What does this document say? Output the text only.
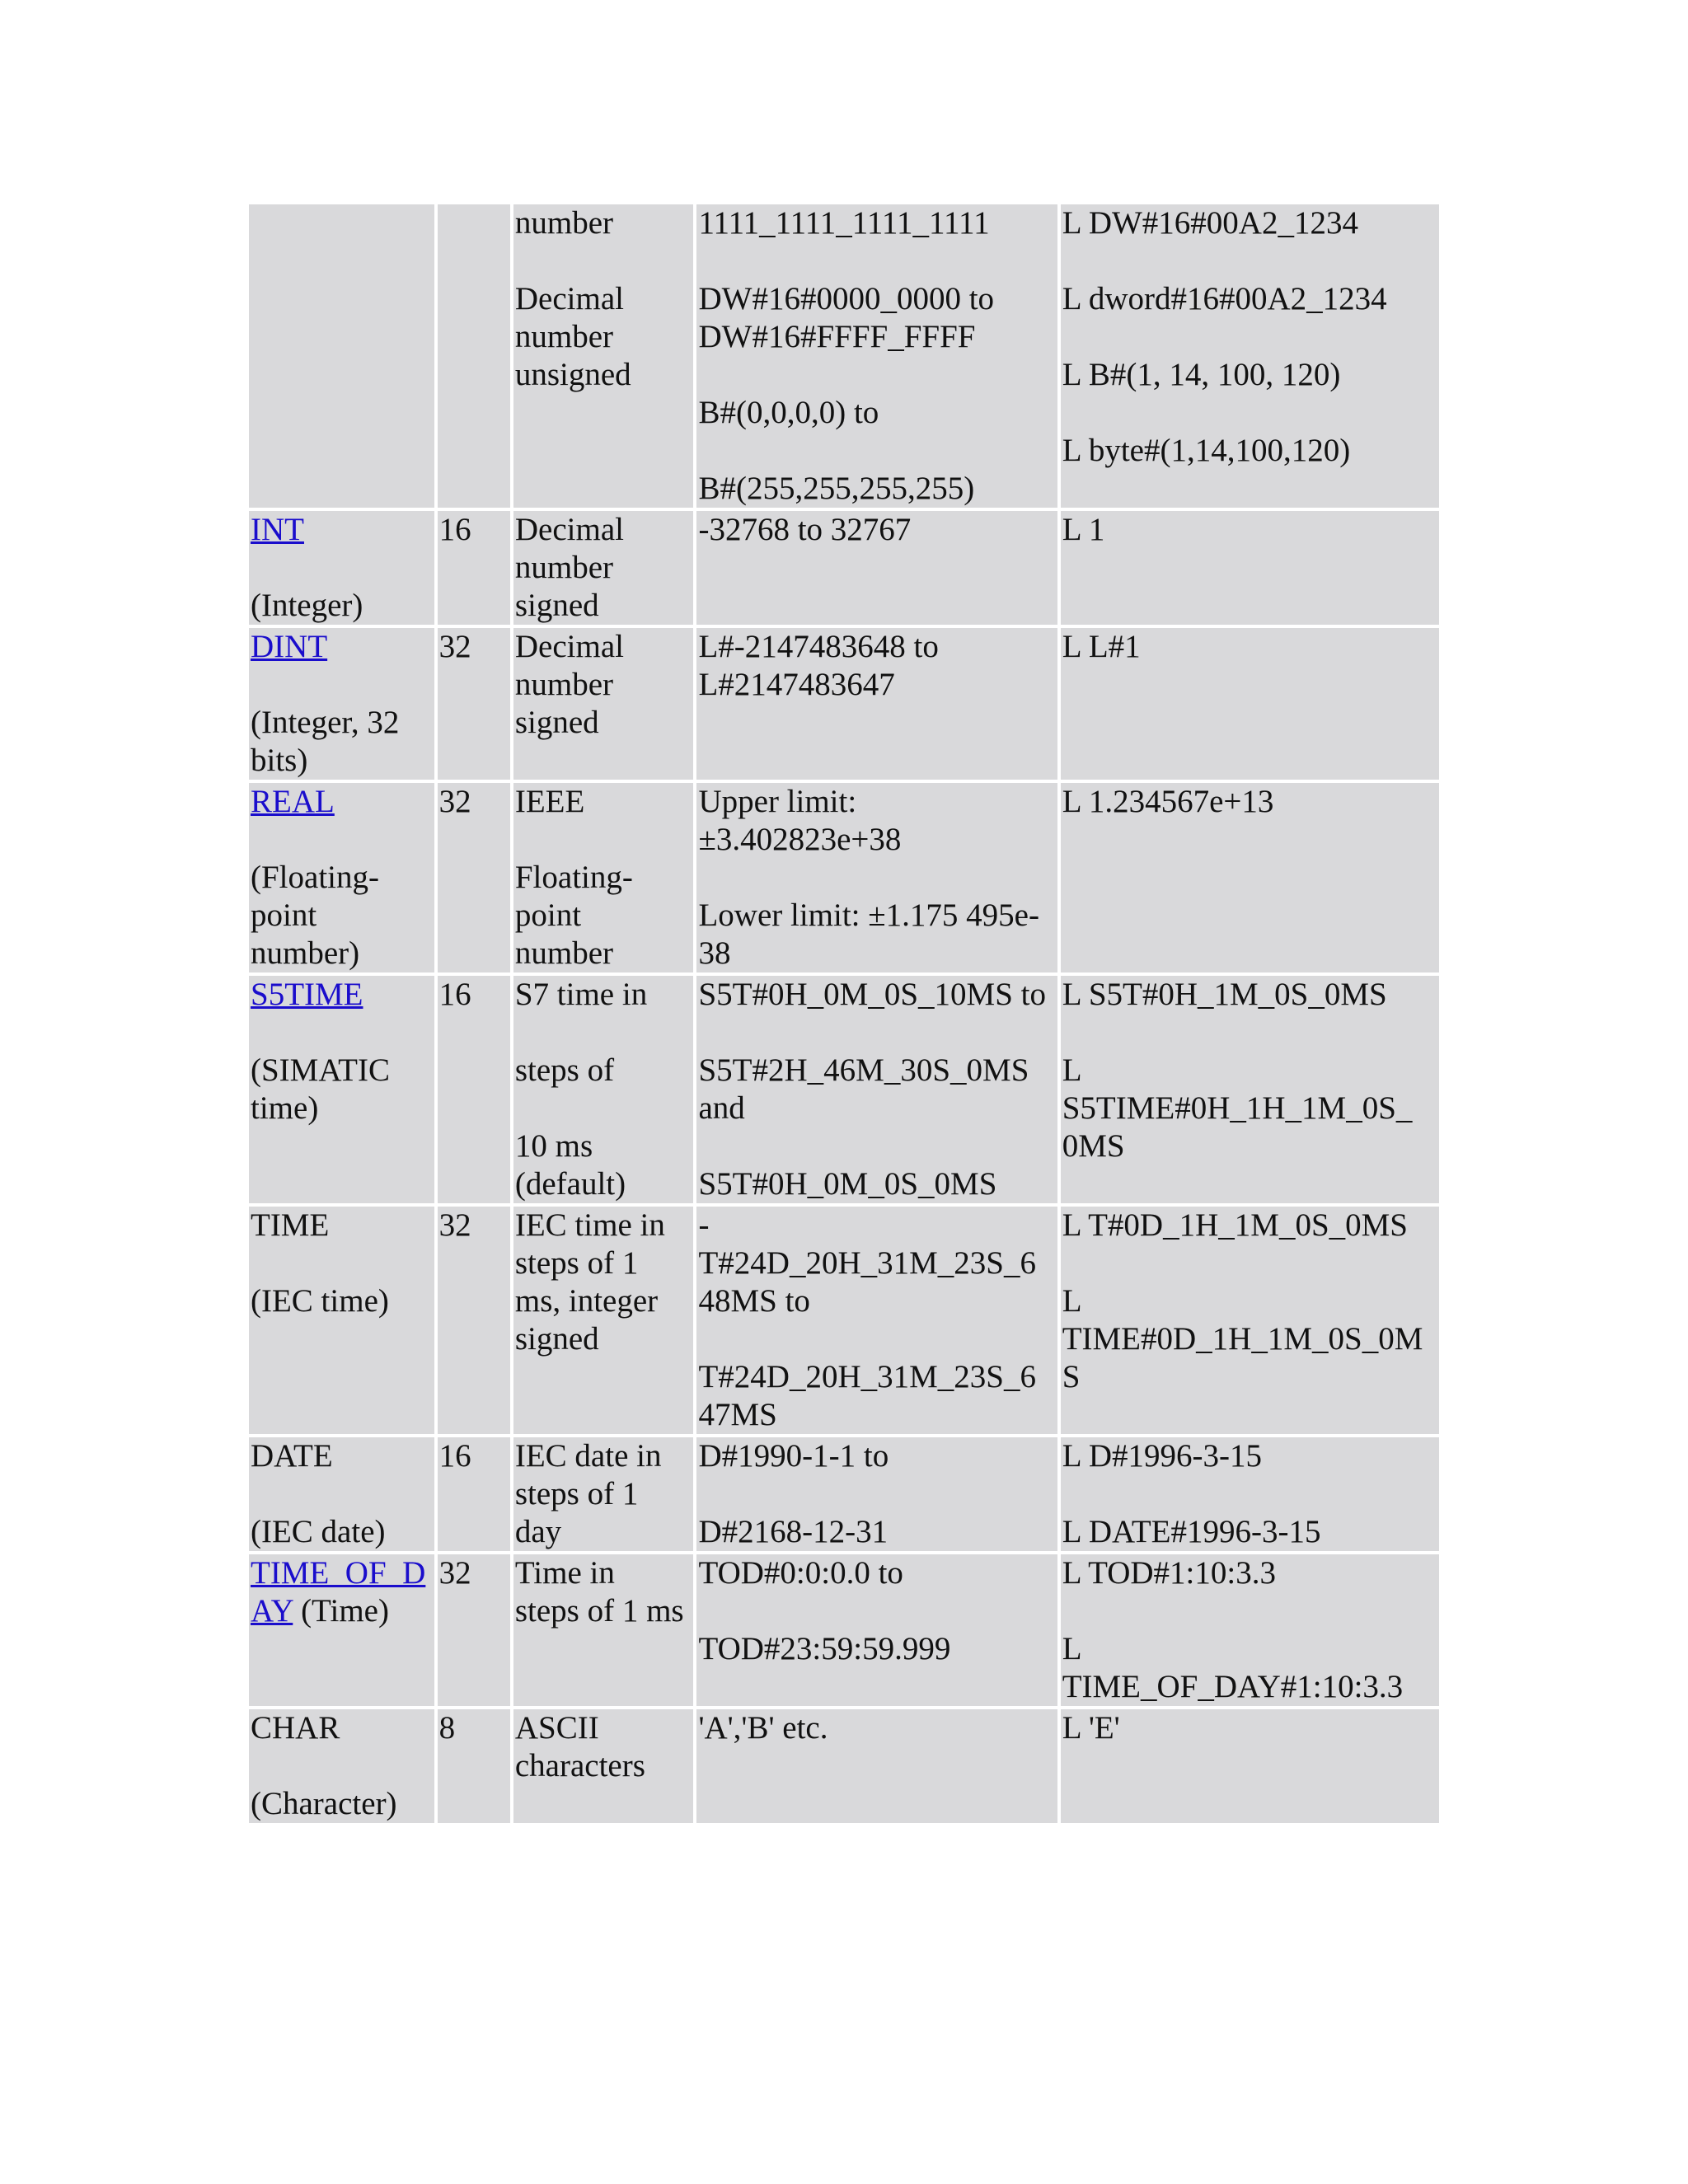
		number
Decimal
number
unsigned	1111_1111_1111_1111
DW#16#0000_0000 to
DW#16#FFFF_FFFF
B#(0,0,0,0) to
B#(255,255,255,255)	L DW#16#00A2_1234
L dword#16#00A2_1234
L B#(1, 14, 100, 120)
L byte#(1,14,100,120)

INT
(Integer)	16	Decimal
number
signed	-32768 to 32767	L 1

DINT
(Integer, 32
bits)	32	Decimal
number
signed	L#-2147483648 to
L#2147483647	L L#1

REAL
(Floating-
point
number)	32	IEEE
Floating-
point
number	Upper limit:
±3.402823e+38
Lower limit: ±1.175 495e-
38	L 1.234567e+13

S5TIME
(SIMATIC
time)	16	S7 time in
steps of
10 ms
(default)	S5T#0H_0M_0S_10MS to
S5T#2H_46M_30S_0MS
and
S5T#0H_0M_0S_0MS	L S5T#0H_1M_0S_0MS
L
S5TIME#0H_1H_1M_0S_
0MS

TIME
(IEC time)	32	IEC time in
steps of 1
ms, integer
signed	-
T#24D_20H_31M_23S_6
48MS to
T#24D_20H_31M_23S_6
47MS	L T#0D_1H_1M_0S_0MS
L
TIME#0D_1H_1M_0S_0M
S

DATE
(IEC date)	16	IEC date in
steps of 1
day	D#1990-1-1 to
D#2168-12-31	L D#1996-3-15
L DATE#1996-3-15

TIME_OF_D
AY (Time)	32	Time in
steps of 1 ms	TOD#0:0:0.0 to
TOD#23:59:59.999	L TOD#1:10:3.3
L
TIME_OF_DAY#1:10:3.3

CHAR
(Character)	8	ASCII
characters	'A','B' etc.	L 'E'
